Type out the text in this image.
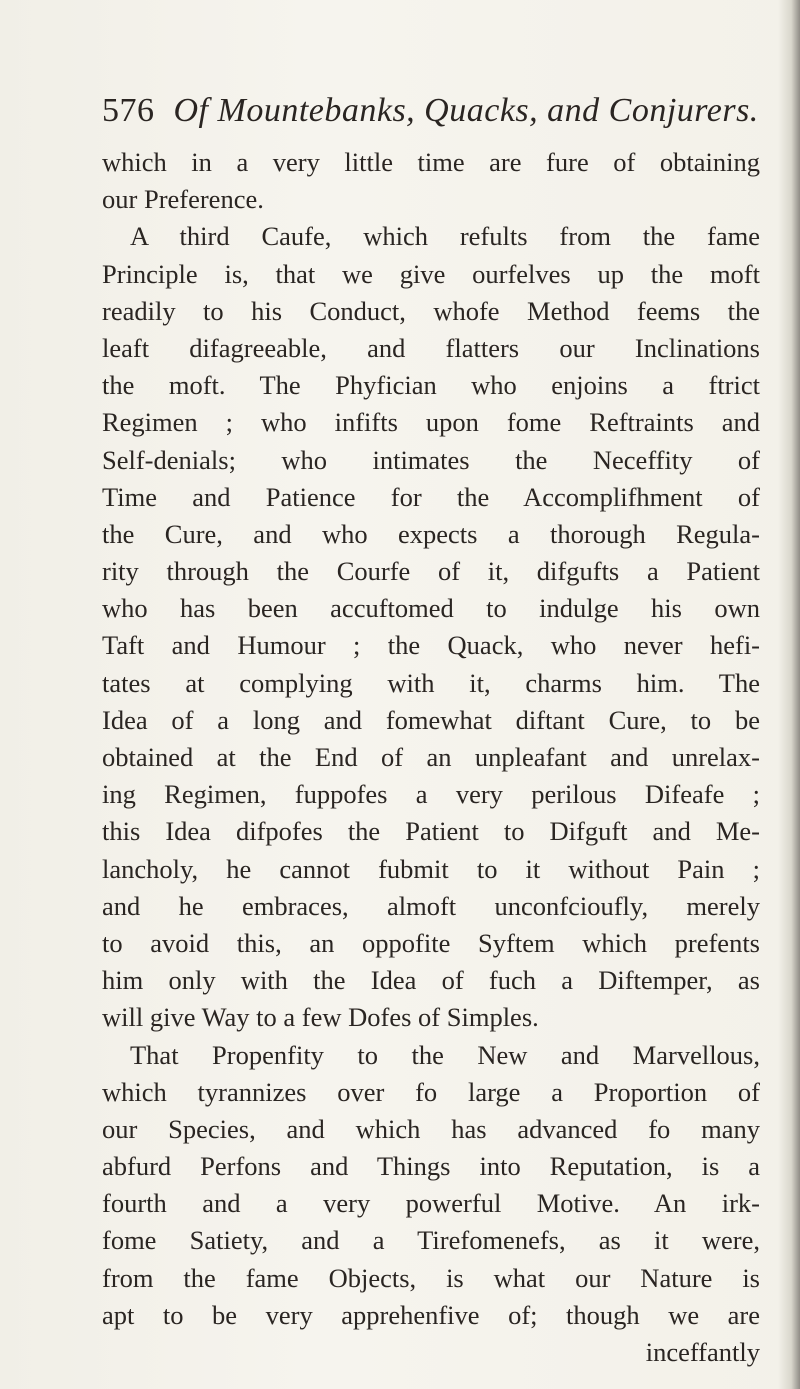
576 Of Mountebanks, Quacks, and Conjurers.
which in a very little time are fure of obtaining
our Preference.
A third Caufe, which refults from the fame
Principle is, that we give ourfelves up the moft
readily to his Conduct, whofe Method feems the
leaft difagreeable, and flatters our Inclinations
the moft. The Phyfician who enjoins a ftrict
Regimen ; who infifts upon fome Reftraints and
Self-denials; who intimates the Neceffity of
Time and Patience for the Accomplifhment of
the Cure, and who expects a thorough Regula-
rity through the Courfe of it, difgufts a Patient
who has been accuftomed to indulge his own
Taft and Humour ; the Quack, who never hefi-
tates at complying with it, charms him. The
Idea of a long and fomewhat diftant Cure, to be
obtained at the End of an unpleafant and unrelax-
ing Regimen, fuppofes a very perilous Difeafe ;
this Idea difpofes the Patient to Difguft and Me-
lancholy, he cannot fubmit to it without Pain ;
and he embraces, almoft unconfcioufly, merely
to avoid this, an oppofite Syftem which prefents
him only with the Idea of fuch a Diftemper, as
will give Way to a few Dofes of Simples.
That Propenfity to the New and Marvellous,
which tyrannizes over fo large a Proportion of
our Species, and which has advanced fo many
abfurd Perfons and Things into Reputation, is a
fourth and a very powerful Motive. An irk-
fome Satiety, and a Tirefomenefs, as it were,
from the fame Objects, is what our Nature is
apt to be very apprehenfive of; though we are
inceffantly
